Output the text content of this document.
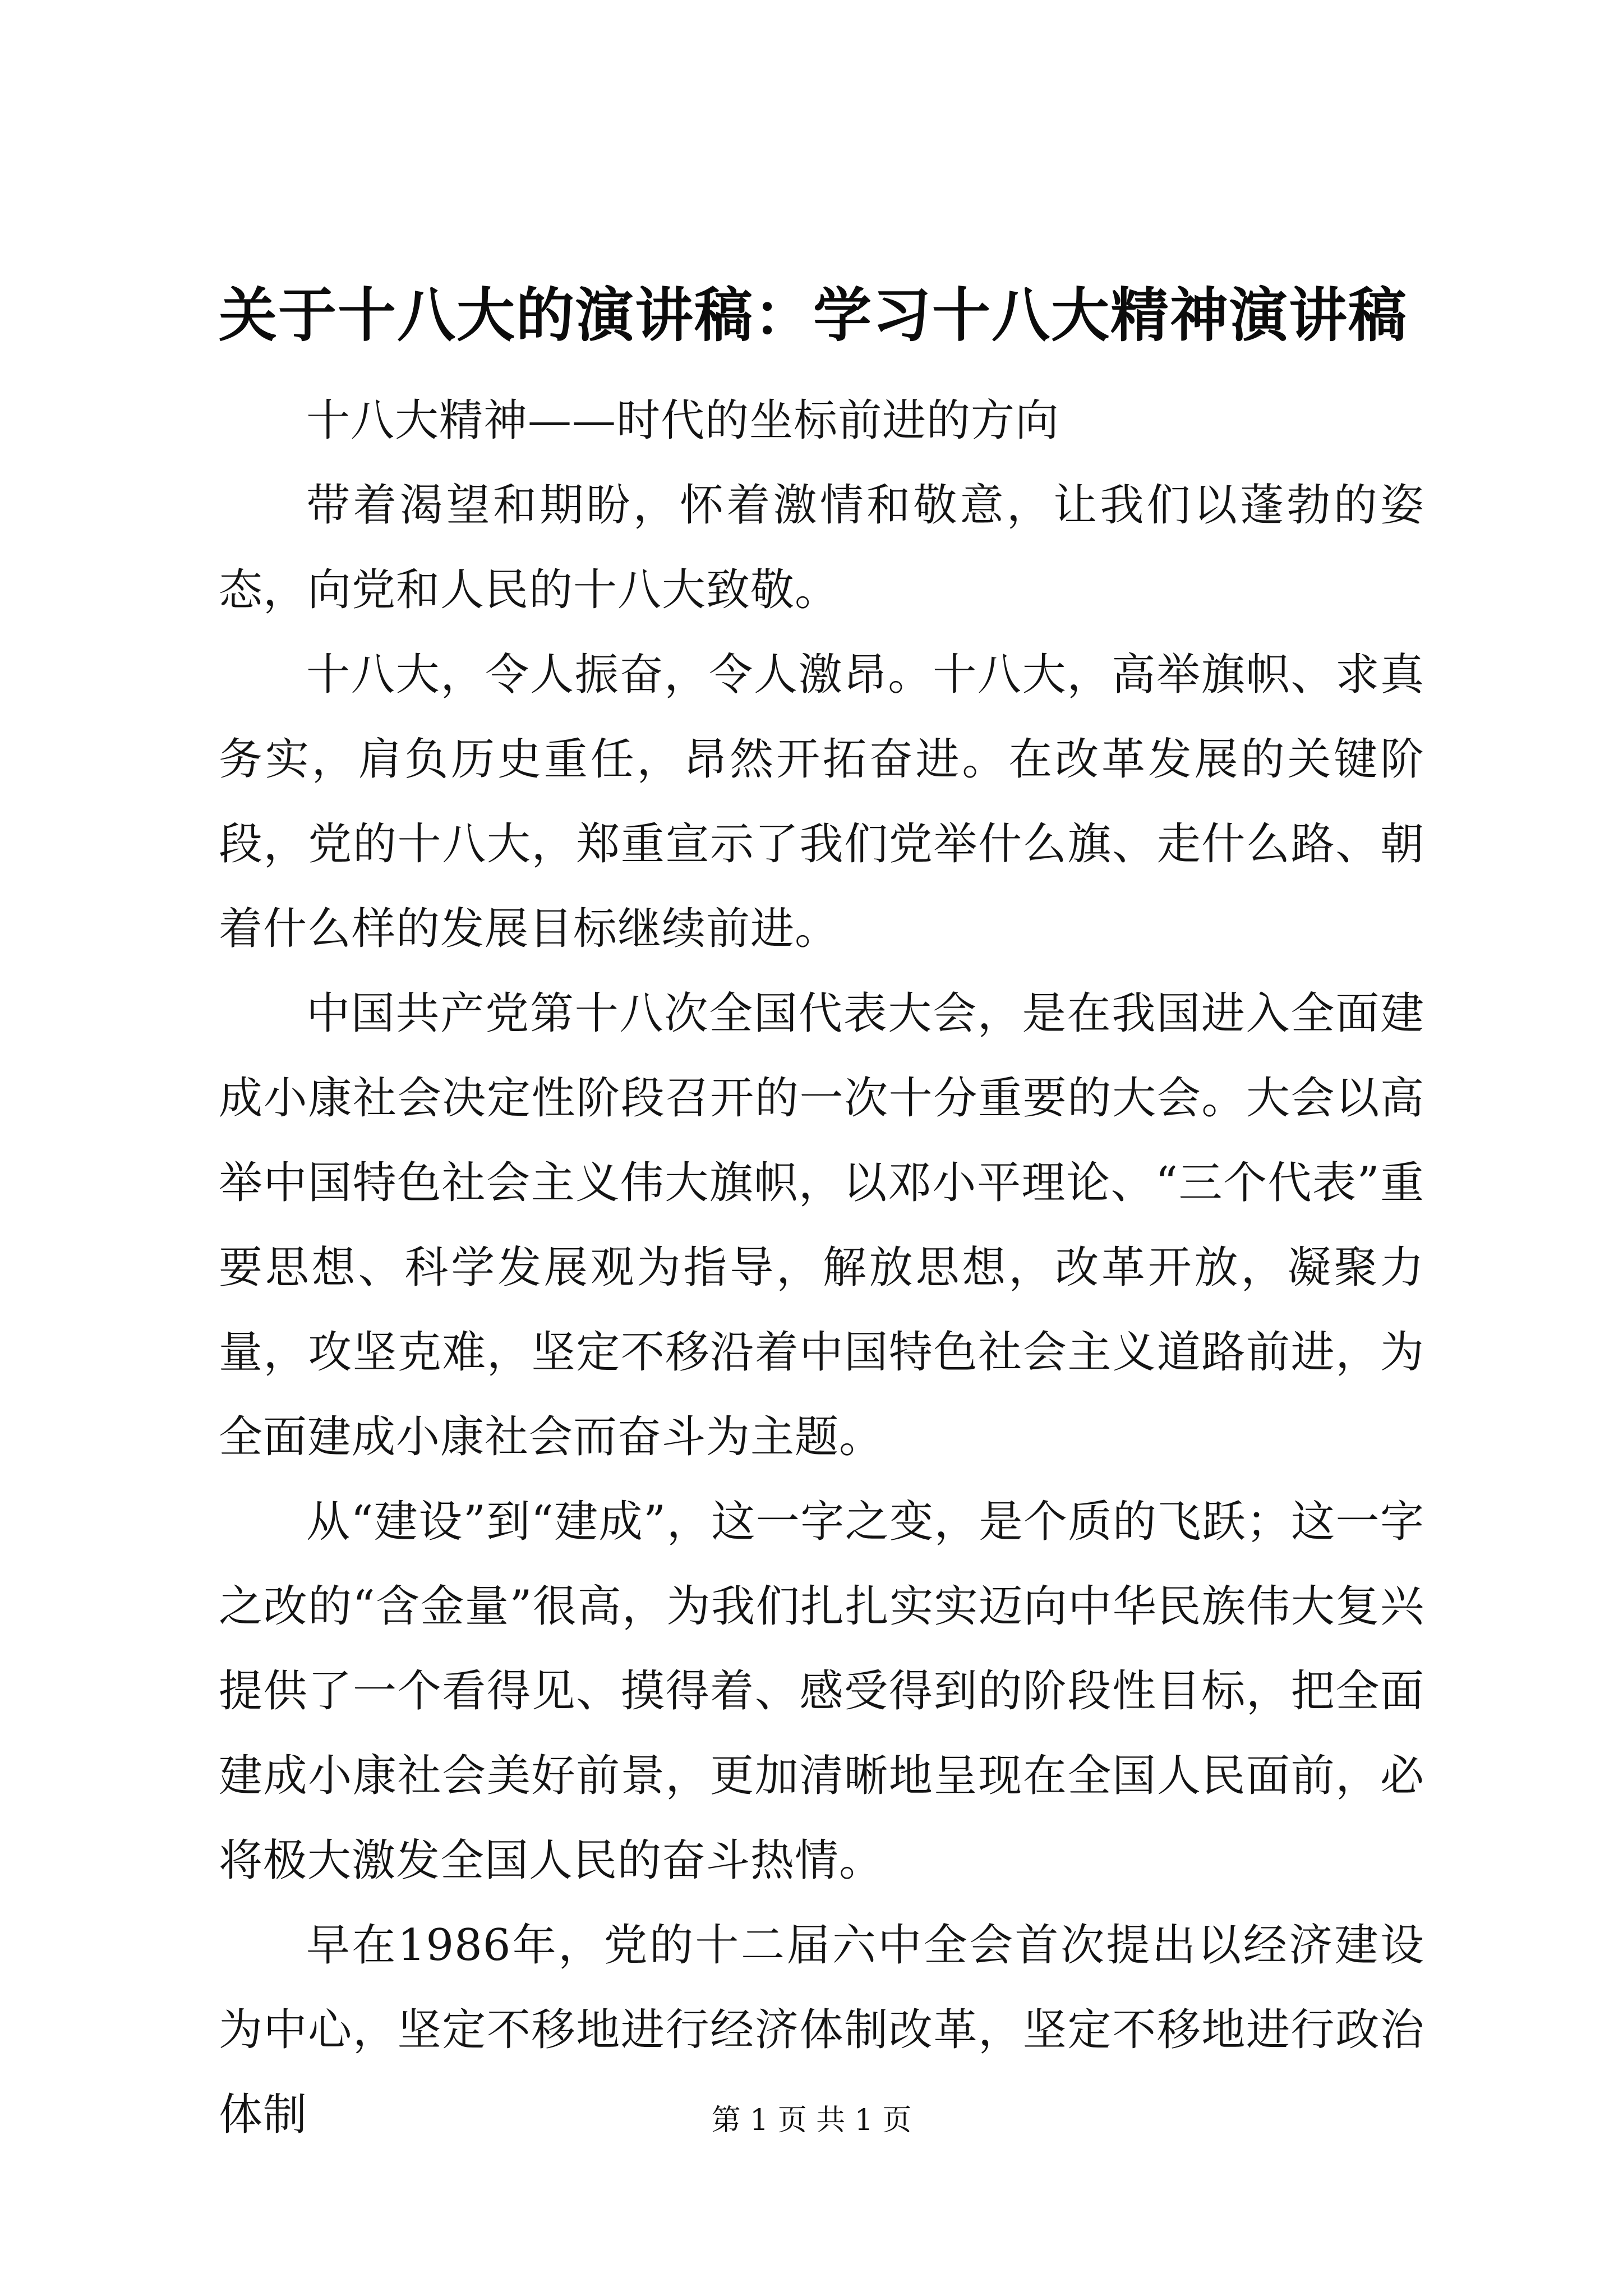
关于十八大的演讲稿：学习十八大精神演讲稿

十八大精神——时代的坐标前进的方向

带着渴望和期盼，怀着激情和敬意，让我们以蓬勃的姿态，向党和人民的十八大致敬。

十八大，令人振奋，令人激昂。十八大，高举旗帜、求真务实，肩负历史重任，昂然开拓奋进。在改革发展的关键阶段，党的十八大，郑重宣示了我们党举什么旗、走什么路、朝着什么样的发展目标继续前进。

中国共产党第十八次全国代表大会，是在我国进入全面建成小康社会决定性阶段召开的一次十分重要的大会。大会以高举中国特色社会主义伟大旗帜，以邓小平理论、“三个代表”重要思想、科学发展观为指导，解放思想，改革开放，凝聚力量，攻坚克难，坚定不移沿着中国特色社会主义道路前进，为全面建成小康社会而奋斗为主题。

从“建设”到“建成”，这一字之变，是个质的飞跃；这一字之改的“含金量”很高，为我们扎扎实实迈向中华民族伟大复兴提供了一个看得见、摸得着、感受得到的阶段性目标，把全面建成小康社会美好前景，更加清晰地呈现在全国人民面前，必将极大激发全国人民的奋斗热情。

早在1986年，党的十二届六中全会首次提出以经济建设为中心，坚定不移地进行经济体制改革，坚定不移地进行政治体制	第 1 页 共 1 页
